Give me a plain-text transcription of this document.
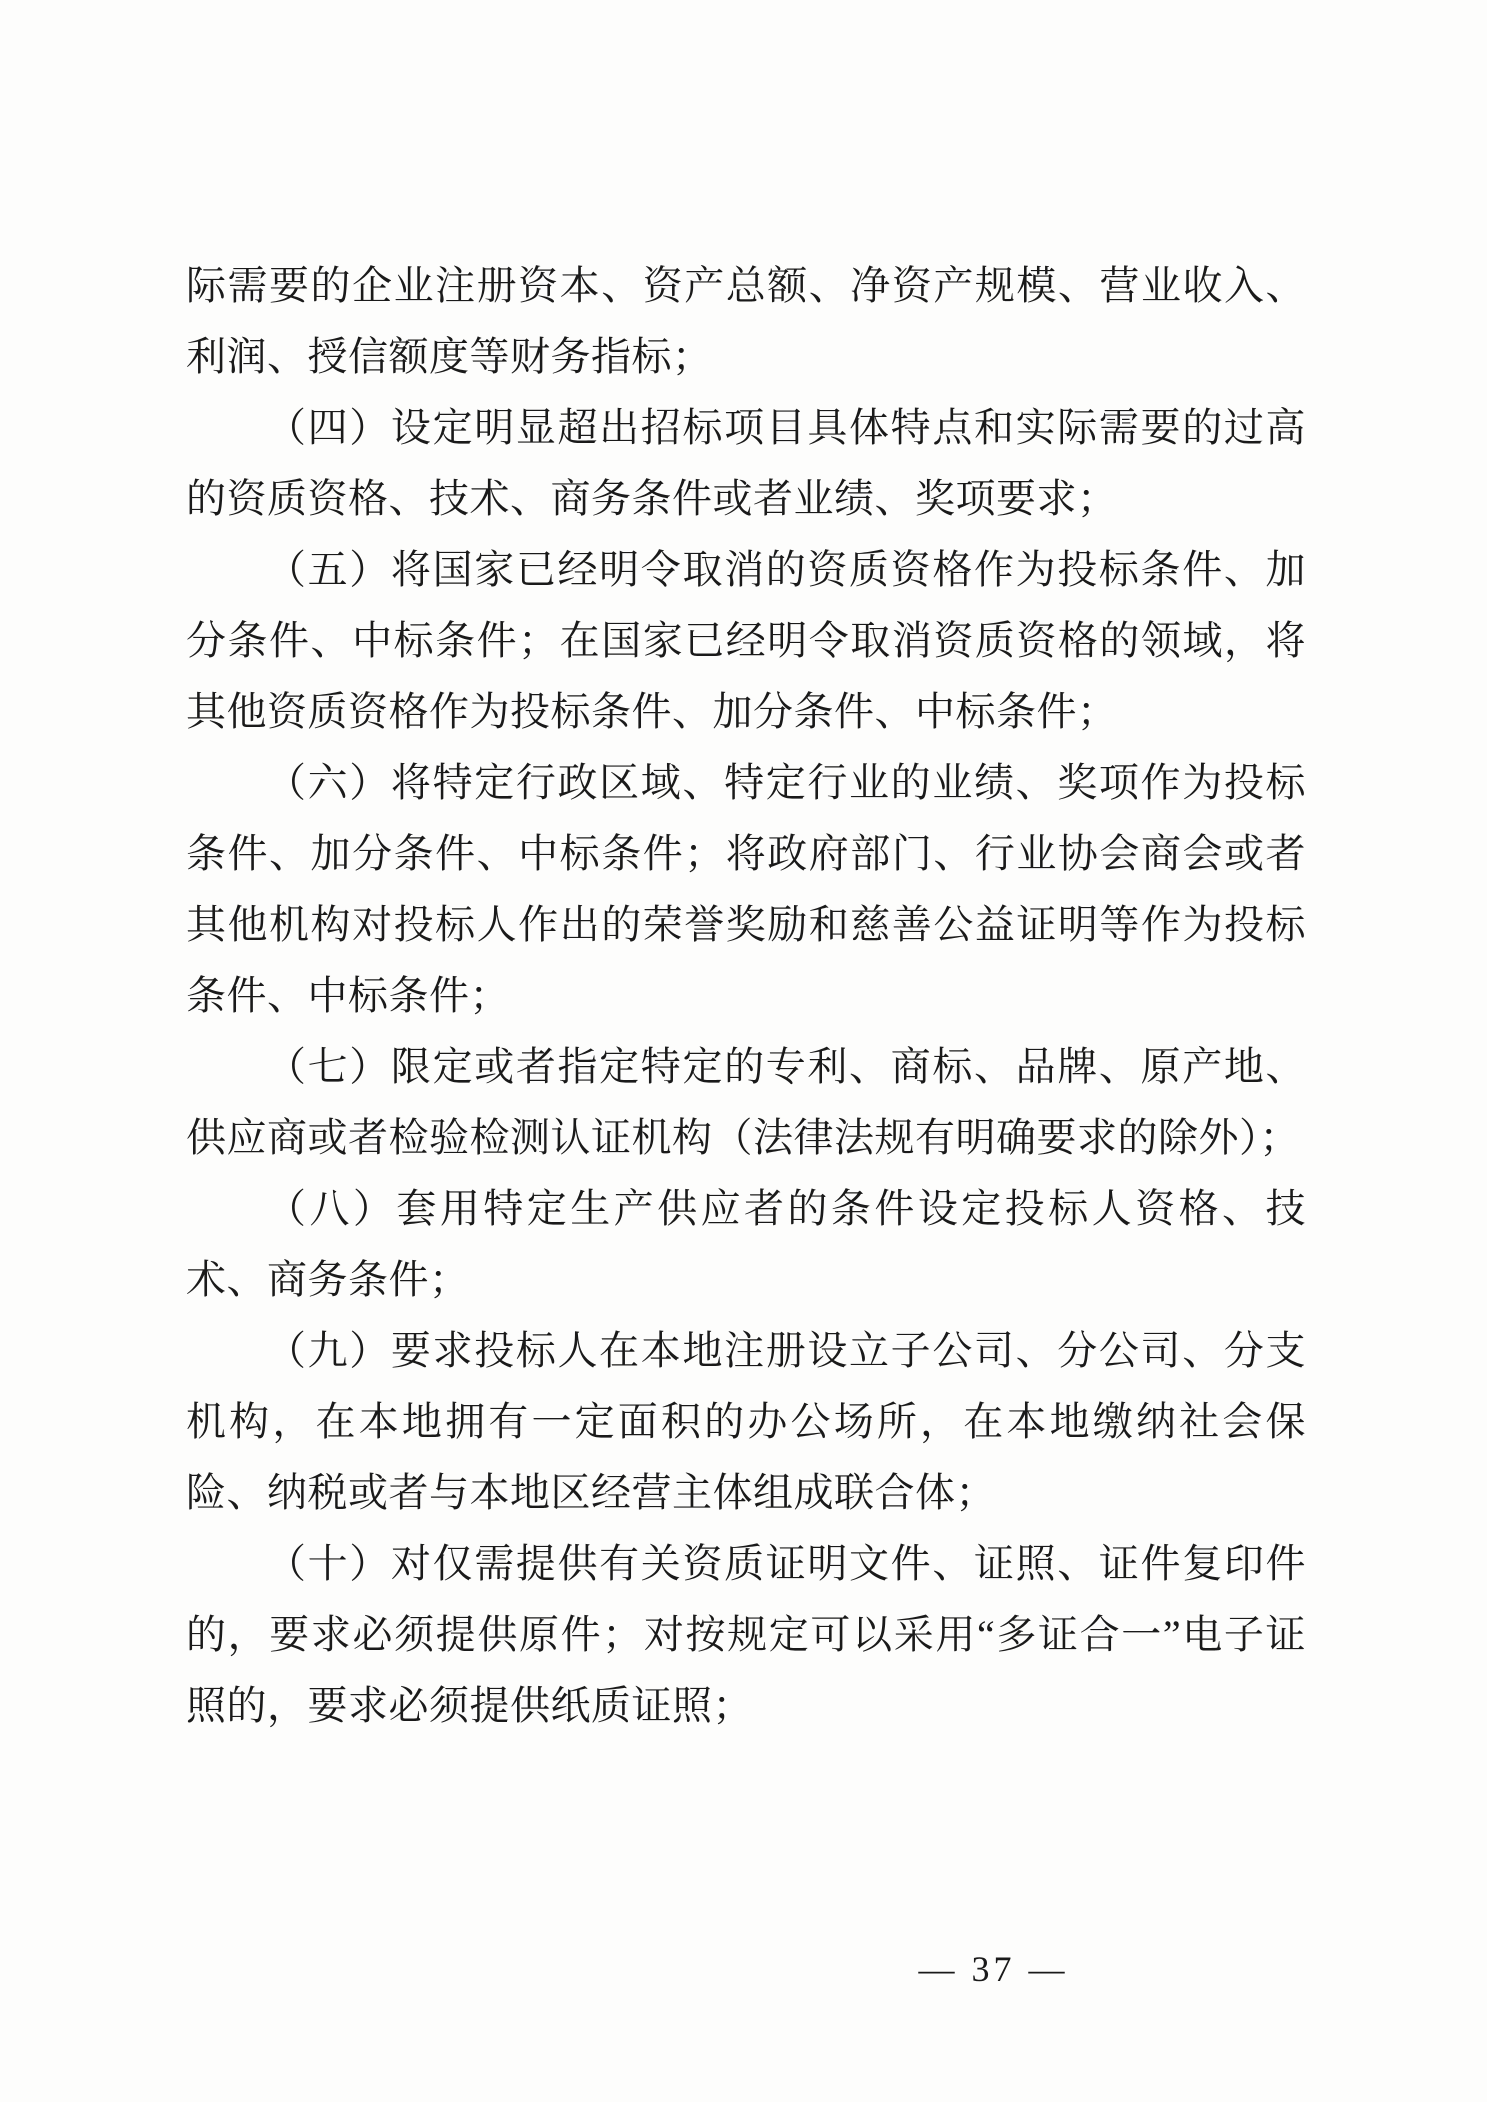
际需要的企业注册资本、资产总额、净资产规模、营业收入、利润、授信额度等财务指标；

（四）设定明显超出招标项目具体特点和实际需要的过高的资质资格、技术、商务条件或者业绩、奖项要求；

（五）将国家已经明令取消的资质资格作为投标条件、加分条件、中标条件；在国家已经明令取消资质资格的领域，将其他资质资格作为投标条件、加分条件、中标条件；

（六）将特定行政区域、特定行业的业绩、奖项作为投标条件、加分条件、中标条件；将政府部门、行业协会商会或者其他机构对投标人作出的荣誉奖励和慈善公益证明等作为投标条件、中标条件；

（七）限定或者指定特定的专利、商标、品牌、原产地、供应商或者检验检测认证机构（法律法规有明确要求的除外）；

（八）套用特定生产供应者的条件设定投标人资格、技术、商务条件；

（九）要求投标人在本地注册设立子公司、分公司、分支机构，在本地拥有一定面积的办公场所，在本地缴纳社会保险、纳税或者与本地区经营主体组成联合体；

（十）对仅需提供有关资质证明文件、证照、证件复印件的，要求必须提供原件；对按规定可以采用“多证合一”电子证照的，要求必须提供纸质证照；

— 37 —
